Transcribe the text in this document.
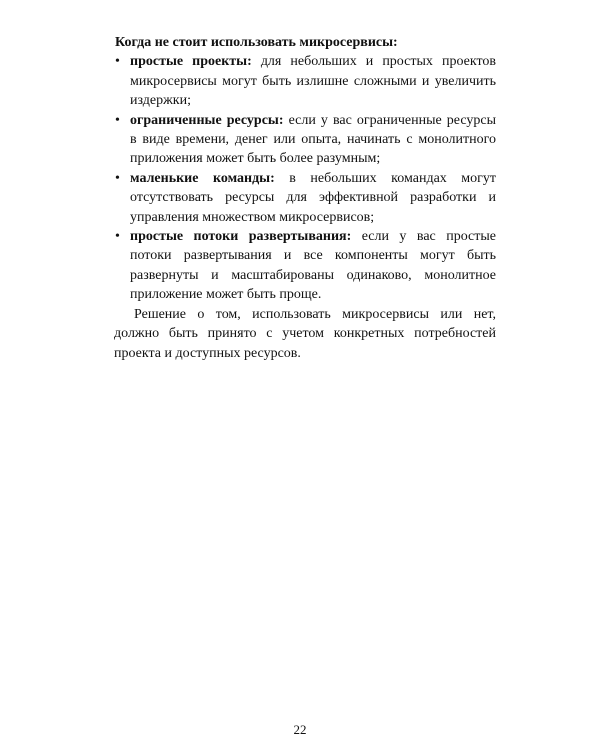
Когда не стоит использовать микросервисы:

• простые проекты: для небольших и простых проектов микросервисы могут быть излишне сложными и увеличить издержки;
• ограниченные ресурсы: если у вас ограниченные ресурсы в виде времени, денег или опыта, начинать с монолитного приложения может быть более разумным;
• маленькие команды: в небольших командах могут отсутствовать ресурсы для эффективной разработки и управления множеством микросервисов;
• простые потоки развертывания: если у вас простые потоки развертывания и все компоненты могут быть развернуты и масштабированы одинаково, монолитное приложение может быть проще.

Решение о том, использовать микросервисы или нет, должно быть принято с учетом конкретных потребностей проекта и доступных ресурсов.

22
